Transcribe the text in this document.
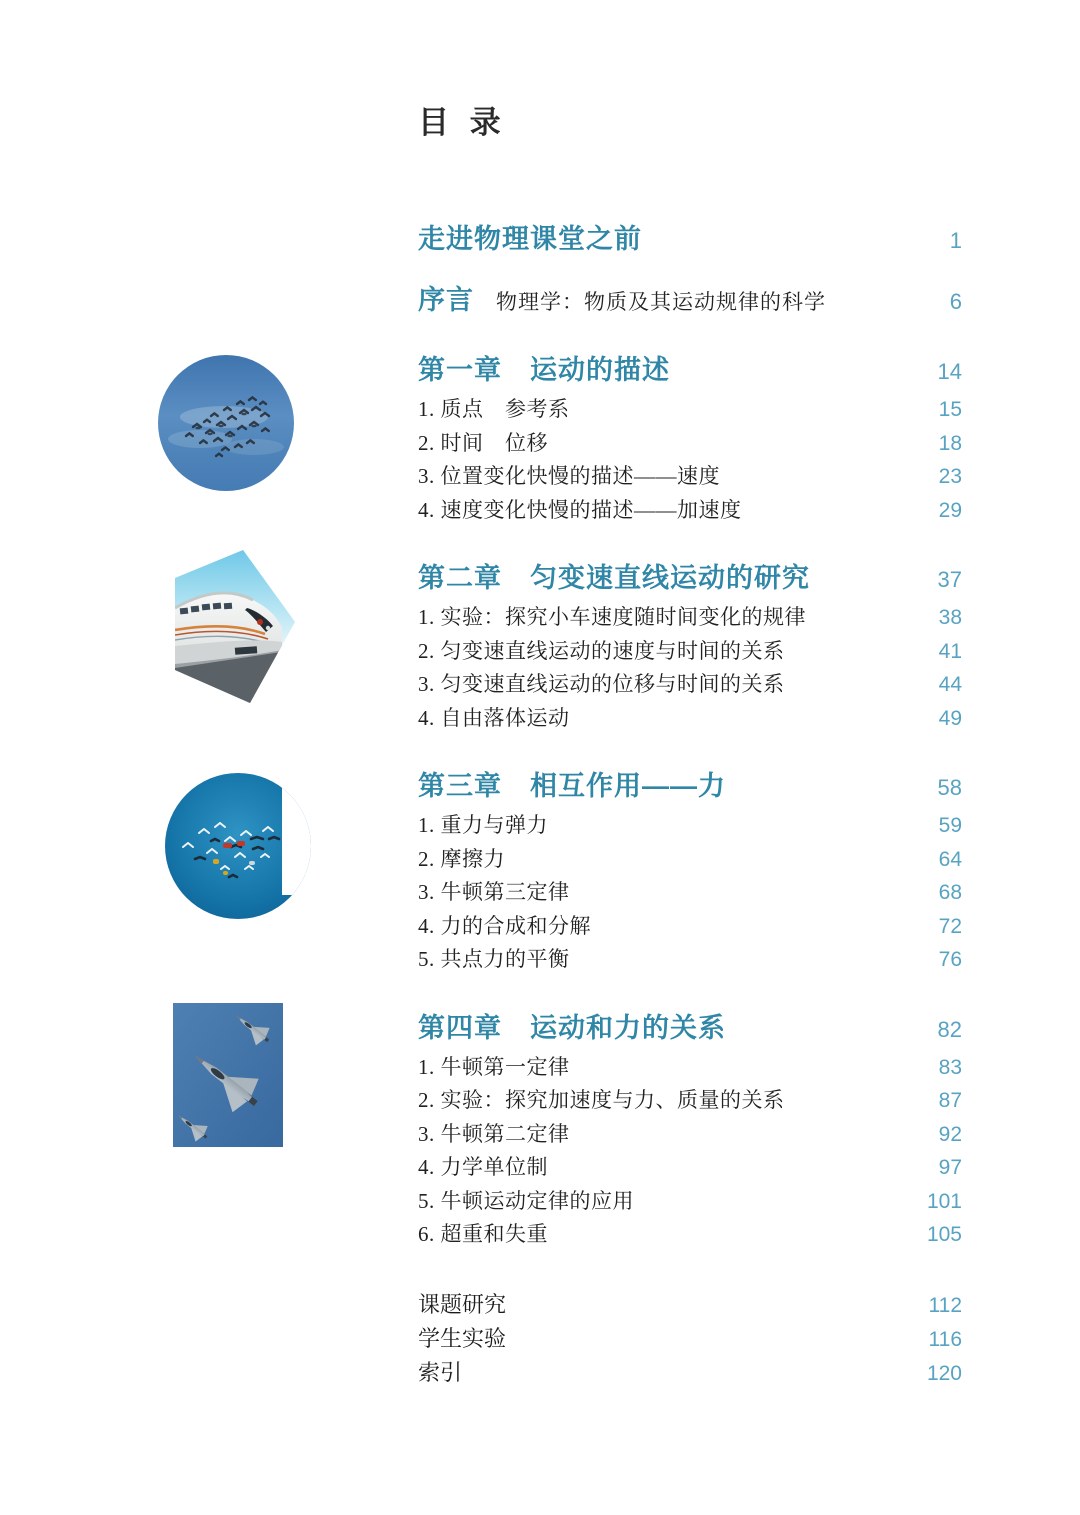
目 录
走进物理课堂之前	1
序言 物理学：物质及其运动规律的科学	6
第一章　运动的描述	14
1. 质点　参考系	15
2. 时间　位移	18
3. 位置变化快慢的描述——速度	23
4. 速度变化快慢的描述——加速度	29
第二章　匀变速直线运动的研究	37
1. 实验：探究小车速度随时间变化的规律	38
2. 匀变速直线运动的速度与时间的关系	41
3. 匀变速直线运动的位移与时间的关系	44
4. 自由落体运动	49
第三章　相互作用——力	58
1. 重力与弹力	59
2. 摩擦力	64
3. 牛顿第三定律	68
4. 力的合成和分解	72
5. 共点力的平衡	76
第四章　运动和力的关系	82
1. 牛顿第一定律	83
2. 实验：探究加速度与力、质量的关系	87
3. 牛顿第二定律	92
4. 力学单位制	97
5. 牛顿运动定律的应用	101
6. 超重和失重	105
课题研究	112
学生实验	116
索引	120
